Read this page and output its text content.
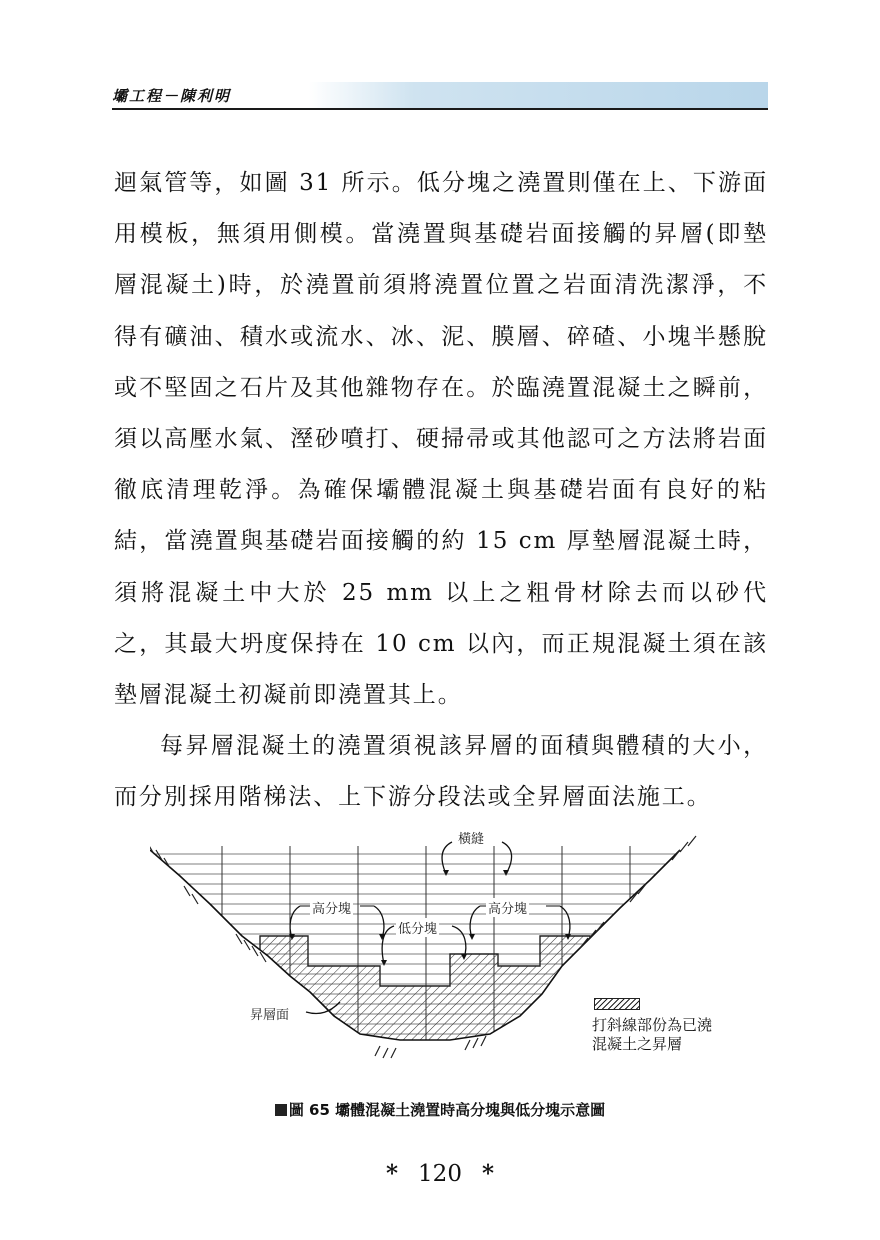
壩工程－陳利明

迴氣管等，如圖 31 所示。低分塊之澆置則僅在上、下游面用模板，無須用側模。當澆置與基礎岩面接觸的昇層(即墊層混凝土)時，於澆置前須將澆置位置之岩面清洗潔淨，不得有礦油、積水或流水、冰、泥、膜層、碎碴、小塊半懸脫或不堅固之石片及其他雜物存在。於臨澆置混凝土之瞬前，須以高壓水氣、溼砂噴打、硬掃帚或其他認可之方法將岩面徹底清理乾淨。為確保壩體混凝土與基礎岩面有良好的粘結，當澆置與基礎岩面接觸的約 15 cm 厚墊層混凝土時，須將混凝土中大於 25 mm 以上之粗骨材除去而以砂代之，其最大坍度保持在 10 cm 以內，而正規混凝土須在該墊層混凝土初凝前即澆置其上。

每昇層混凝土的澆置須視該昇層的面積與體積的大小，而分別採用階梯法、上下游分段法或全昇層面法施工。

橫縫
高分塊	高分塊
低分塊
昇層面
打斜線部份為已澆
混凝土之昇層
圖 65 壩體混凝土澆置時高分塊與低分塊示意圖
* 120 *
